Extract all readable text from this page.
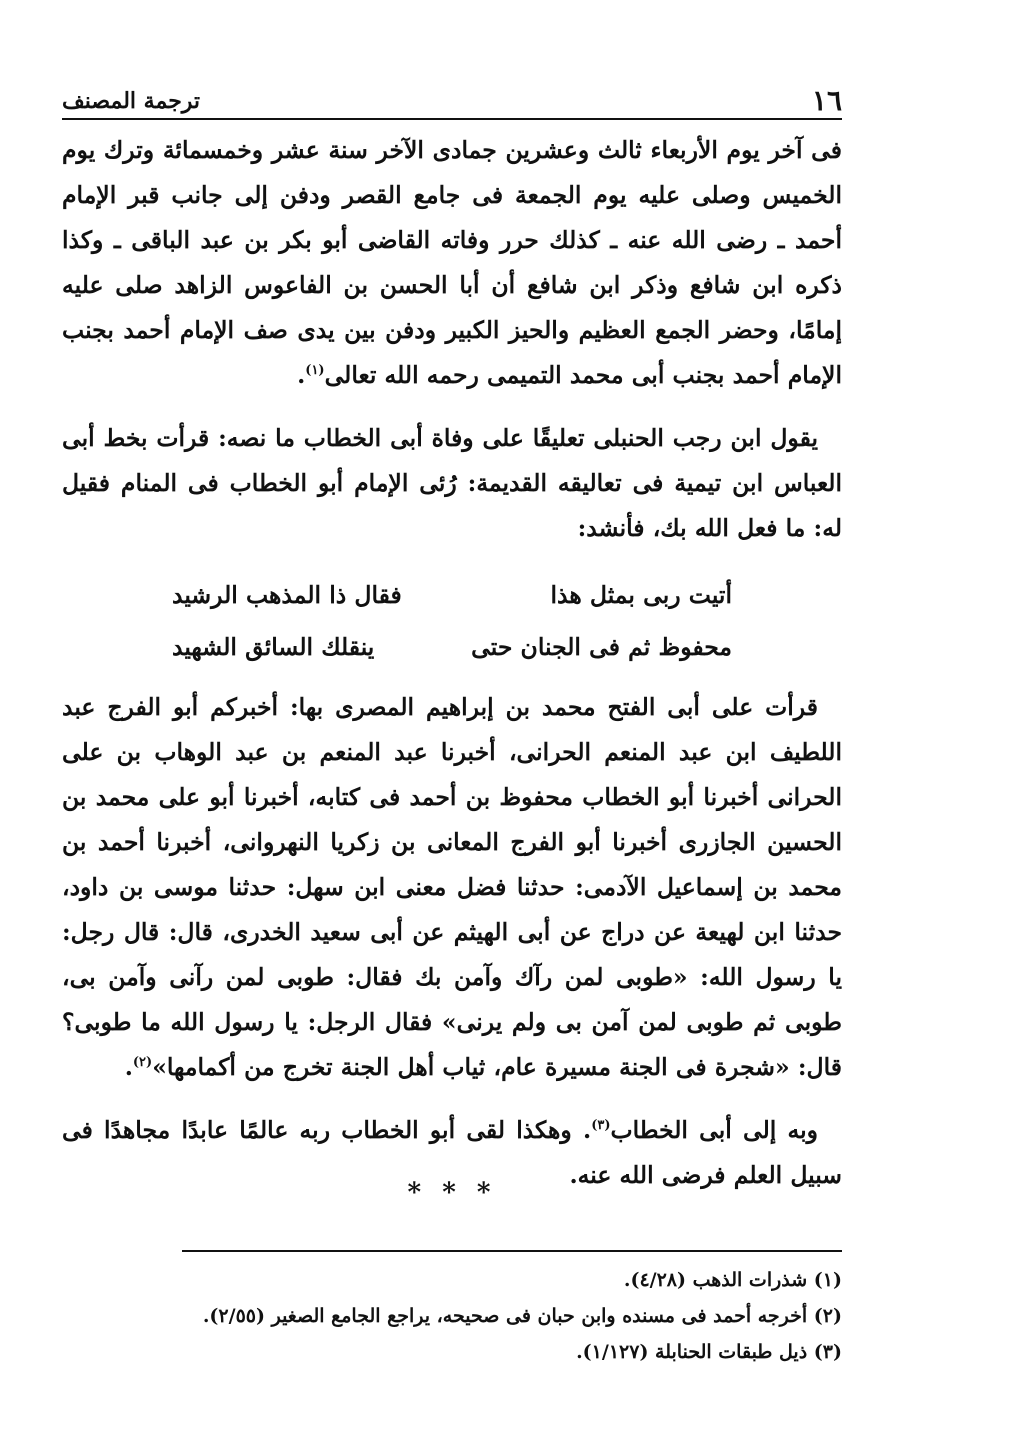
١٦
ترجمة المصنف

فى آخر يوم الأربعاء ثالث وعشرين جمادى الآخر سنة عشر وخمسمائة وترك يوم الخميس وصلى عليه يوم الجمعة فى جامع القصر ودفن إلى جانب قبر الإمام أحمد ـ رضى الله عنه ـ كذلك حرر وفاته القاضى أبو بكر بن عبد الباقى ـ وكذا ذكره ابن شافع وذكر ابن شافع أن أبا الحسن بن الفاعوس الزاهد صلى عليه إمامًا، وحضر الجمع العظيم والحيز الكبير ودفن بين يدى صف الإمام أحمد بجنب الإمام أحمد بجنب أبى محمد التميمى رحمه الله تعالى$^{(١)}$.

يقول ابن رجب الحنبلى تعليقًا على وفاة أبى الخطاب ما نصه: قرأت بخط أبى العباس ابن تيمية فى تعاليقه القديمة: رُئى الإمام أبو الخطاب فى المنام فقيل له: ما فعل الله بك، فأنشد:

أتيت ربى بمثل هذا
فقال ذا المذهب الرشيد
محفوظ ثم فى الجنان حتى
ينقلك السائق الشهيد

قرأت على أبى الفتح محمد بن إبراهيم المصرى بها: أخبركم أبو الفرج عبد اللطيف ابن عبد المنعم الحرانى، أخبرنا عبد المنعم بن عبد الوهاب بن على الحرانى أخبرنا أبو الخطاب محفوظ بن أحمد فى كتابه، أخبرنا أبو على محمد بن الحسين الجازرى أخبرنا أبو الفرج المعانى بن زكريا النهروانى، أخبرنا أحمد بن محمد بن إسماعيل الآدمى: حدثنا فضل معنى ابن سهل: حدثنا موسى بن داود، حدثنا ابن لهيعة عن دراج عن أبى الهيثم عن أبى سعيد الخدرى، قال: قال رجل: يا رسول الله: «طوبى لمن رآك وآمن بك فقال: طوبى لمن رآنى وآمن بى، طوبى ثم طوبى لمن آمن بى ولم يرنى» فقال الرجل: يا رسول الله ما طوبى؟ قال: «شجرة فى الجنة مسيرة عام، ثياب أهل الجنة تخرج من أكمامها»$^{(٢)}$.

وبه إلى أبى الخطاب$^{(٣)}$. وهكذا لقى أبو الخطاب ربه عالمًا عابدًا مجاهدًا فى سبيل العلم فرضى الله عنه.

* * *

(١) شذرات الذهب (٤/٢٨).

(٢) أخرجه أحمد فى مسنده وابن حبان فى صحيحه، يراجع الجامع الصغير (٢/٥٥).

(٣) ذيل طبقات الحنابلة (١/١٢٧).
